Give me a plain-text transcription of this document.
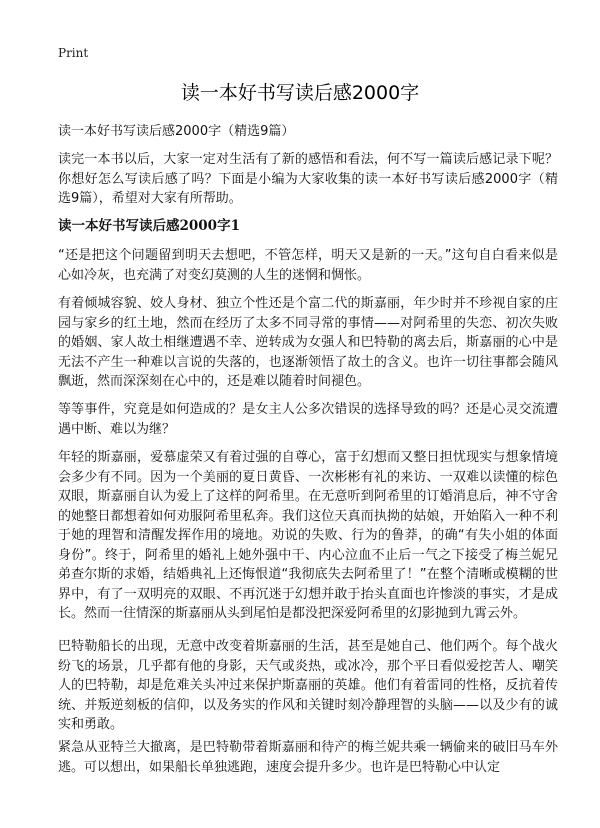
Print
读一本好书写读后感2000字
读一本好书写读后感2000字（精选9篇）

读完一本书以后，大家一定对生活有了新的感悟和看法，何不写一篇读后感记录下呢？你想好怎么写读后感了吗？下面是小编为大家收集的读一本好书写读后感2000字（精选9篇），希望对大家有所帮助。

读一本好书写读后感2000字1

“还是把这个问题留到明天去想吧，不管怎样，明天又是新的一天。”这句自白看来似是心如冷灰，也充满了对变幻莫测的人生的迷惘和惆怅。

有着倾城容貌、姣人身材、独立个性还是个富二代的斯嘉丽，年少时并不珍视自家的庄园与家乡的红土地，然而在经历了太多不同寻常的事情——对阿希里的失恋、初次失败的婚姻、家人故土相继遭遇不幸、逆转成为女强人和巴特勒的离去后，斯嘉丽的心中是无法不产生一种难以言说的失落的，也逐渐领悟了故土的含义。也许一切往事都会随风飘逝，然而深深刻在心中的，还是难以随着时间褪色。

等等事件，究竟是如何造成的？是女主人公多次错误的选择导致的吗？还是心灵交流遭遇中断、难以为继？

年轻的斯嘉丽，爱慕虚荣又有着过强的自尊心，富于幻想而又整日担忧现实与想象情境会多少有不同。因为一个美丽的夏日黄昏、一次彬彬有礼的来访、一双难以读懂的棕色双眼，斯嘉丽自认为爱上了这样的阿希里。在无意听到阿希里的订婚消息后，神不守舍的她整日都想着如何劝服阿希里私奔。我们这位天真而执拗的姑娘，开始陷入一种不利于她的理智和清醒发挥作用的境地。劝说的失败、行为的鲁莽，的确“有失小姐的体面身份”。终于，阿希里的婚礼上她外强中干、内心泣血不止后一气之下接受了梅兰妮兄弟查尔斯的求婚，结婚典礼上还悔恨道“我彻底失去阿希里了！”在整个清晰或模糊的世界中，有了一双明亮的双眼、不再沉迷于幻想并敢于抬头直面也许惨淡的事实，才是成长。然而一往情深的斯嘉丽从头到尾怕是都没把深爱阿希里的幻影抛到九霄云外。

巴特勒船长的出现，无意中改变着斯嘉丽的生活，甚至是她自己、他们两个。每个战火纷飞的场景，几乎都有他的身影，天气或炎热，或冰冷，那个平日看似爱挖苦人、嘲笑人的巴特勒，却是危难关头冲过来保护斯嘉丽的英雄。他们有着雷同的性格，反抗着传统、并叛逆刻板的信仰，以及务实的作风和关键时刻冷静理智的头脑——以及少有的诚实和勇敢。

紧急从亚特兰大撤离，是巴特勒带着斯嘉丽和待产的梅兰妮共乘一辆偷来的破旧马车外逃。可以想出，如果船长单独逃跑，速度会提升多少。也许是巴特勒心中认定
